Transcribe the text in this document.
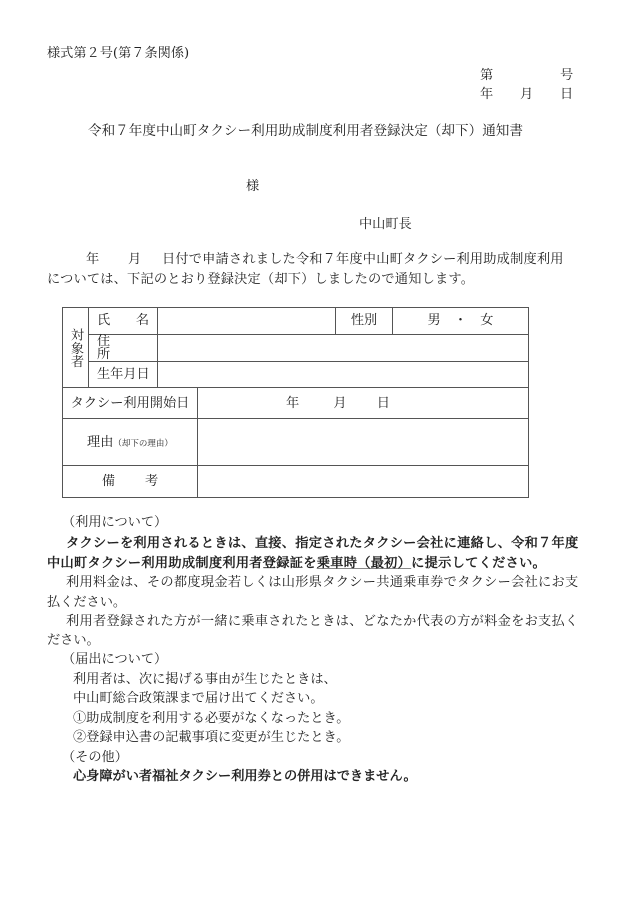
様式第２号(第７条関係)
第	号
年 月 日
令和７年度中山町タクシー利用助成制度利用者登録決定（却下）通知書
様
中山町長
年 月 日付で申請されました令和７年度中山町タクシー利用助成制度利用
については、下記のとおり登録決定（却下）しましたので通知します。
対象者	氏 名			性別	男　・　女

	住所				

	生年月日				
タクシー利用開始日			年 月 日		
理由（却下の理由）					
備考					
（利用について）
タクシーを利用されるときは、直接、指定されたタクシー会社に連絡し、令和７年度
中山町タクシー利用助成制度利用者登録証を乗車時（最初）に提示してください。
利用料金は、その都度現金若しくは山形県タクシー共通乗車券でタクシー会社にお支
払ください。
利用者登録された方が一緒に乗車されたときは、どなたか代表の方が料金をお支払く
ださい。
（届出について）
利用者は、次に掲げる事由が生じたときは、
中山町総合政策課まで届け出てください。
①助成制度を利用する必要がなくなったとき。
②登録申込書の記載事項に変更が生じたとき。
（その他）
心身障がい者福祉タクシー利用券との併用はできません。
